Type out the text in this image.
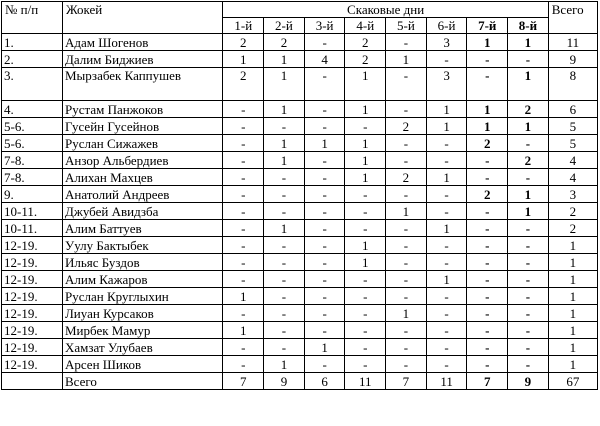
№ п/п	Жокей	Скаковые дни								Всего
		1-й	2-й	3-й	4-й	5-й	6-й	7-й	8-й	
1.	Адам Шогенов	2	2	-	2	-	3	1	1	11
2.	Далим Биджиев	1	1	4	2	1	-	-	-	9
3.	Мырзабек Каппушев	2	1	-	1	-	3	-	1	8
4.	Рустам Панжоков	-	1	-	1	-	1	1	2	6
5-6.	Гусейн Гусейнов	-	-	-	-	2	1	1	1	5
5-6.	Руслан Сижажев	-	1	1	1	-	-	2	-	5
7-8.	Анзор Альбердиев	-	1	-	1	-	-	-	2	4
7-8.	Алихан Махцев	-	-	-	1	2	1	-	-	4
9.	Анатолий Андреев	-	-	-	-	-	-	2	1	3
10-11.	Джубей Авидзба	-	-	-	-	1	-	-	1	2
10-11.	Алим Баттуев	-	1	-	-	-	1	-	-	2
12-19.	Уулу Бактыбек	-	-	-	1	-	-	-	-	1
12-19.	Ильяс Буздов	-	-	-	1	-	-	-	-	1
12-19.	Алим Кажаров	-	-	-	-	-	1	-	-	1
12-19.	Руслан Круглыхин	1	-	-	-	-	-	-	-	1
12-19.	Лиуан Курсаков	-	-	-	-	1	-	-	-	1
12-19.	Мирбек Мамур	1	-	-	-	-	-	-	-	1
12-19.	Хамзат Улубаев	-	-	1	-	-	-	-	-	1
12-19.	Арсен Шиков	-	1	-	-	-	-	-	-	1
	Всего	7	9	6	11	7	11	7	9	67
